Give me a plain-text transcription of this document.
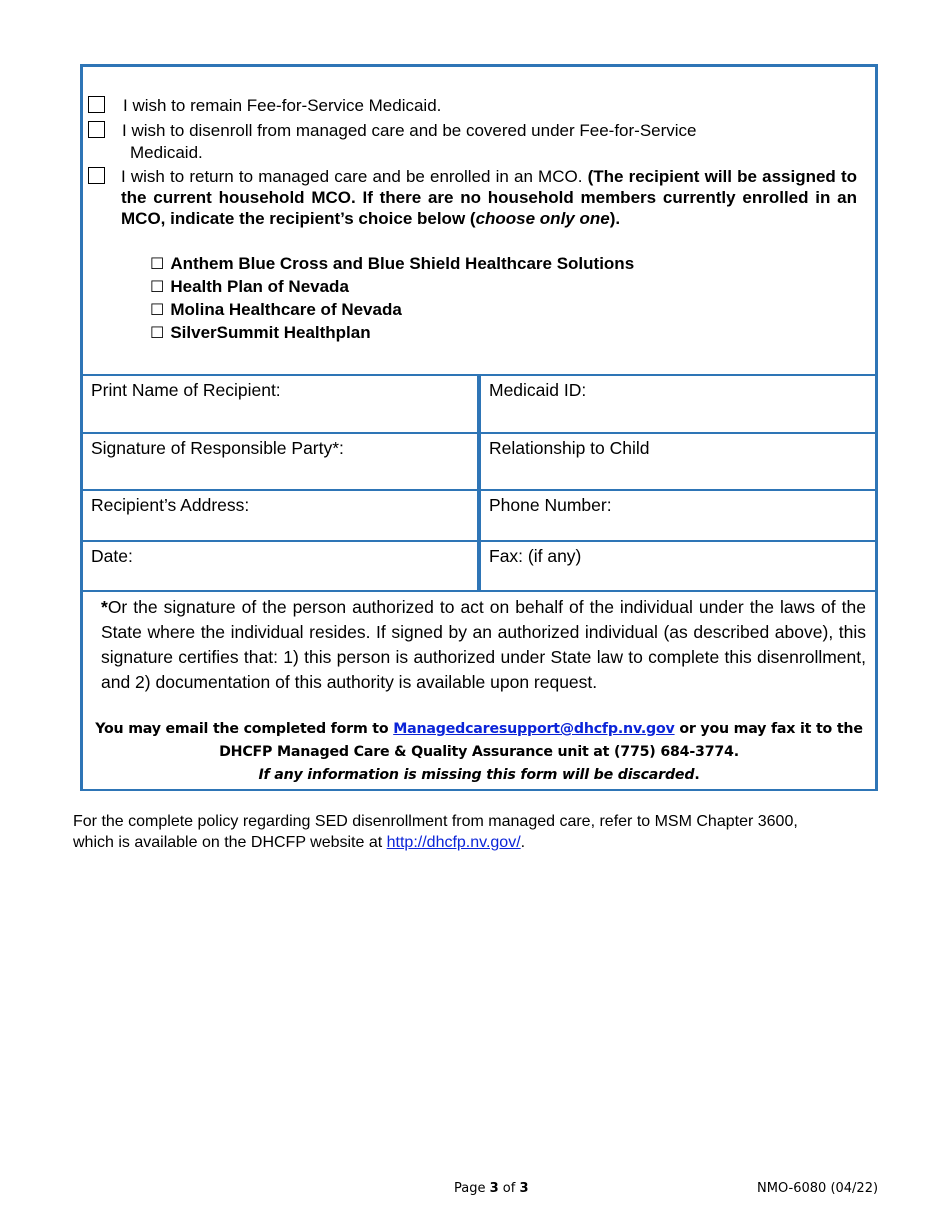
I wish to remain Fee-for-Service Medicaid.
I wish to disenroll from managed care and be covered under Fee-for-Service
Medicaid.
I wish to return to managed care and be enrolled in an MCO. (The recipient will be assigned to the current household MCO. If there are no household members currently enrolled in an MCO, indicate the recipient’s choice below (choose only one).
☐ Anthem Blue Cross and Blue Shield Healthcare Solutions
☐ Health Plan of Nevada
☐ Molina Healthcare of Nevada
☐ SilverSummit Healthplan
Print Name of Recipient:	Medicaid ID:
Signature of Responsible Party*:	Relationship to Child
Recipient’s Address:	Phone Number:
Date:	Fax: (if any)
*Or the signature of the person authorized to act on behalf of the individual under the laws of the State where the individual resides. If signed by an authorized individual (as described above), this signature certifies that: 1) this person is authorized under State law to complete this disenrollment, and 2) documentation of this authority is available upon request.
You may email the completed form to Managedcaresupport@dhcfp.nv.gov or you may fax it to the
DHCFP Managed Care & Quality Assurance unit at (775) 684-3774.
If any information is missing this form will be discarded.
For the complete policy regarding SED disenrollment from managed care, refer to MSM Chapter 3600,
which is available on the DHCFP website at http://dhcfp.nv.gov/.
Page 3 of 3	NMO-6080 (04/22)
